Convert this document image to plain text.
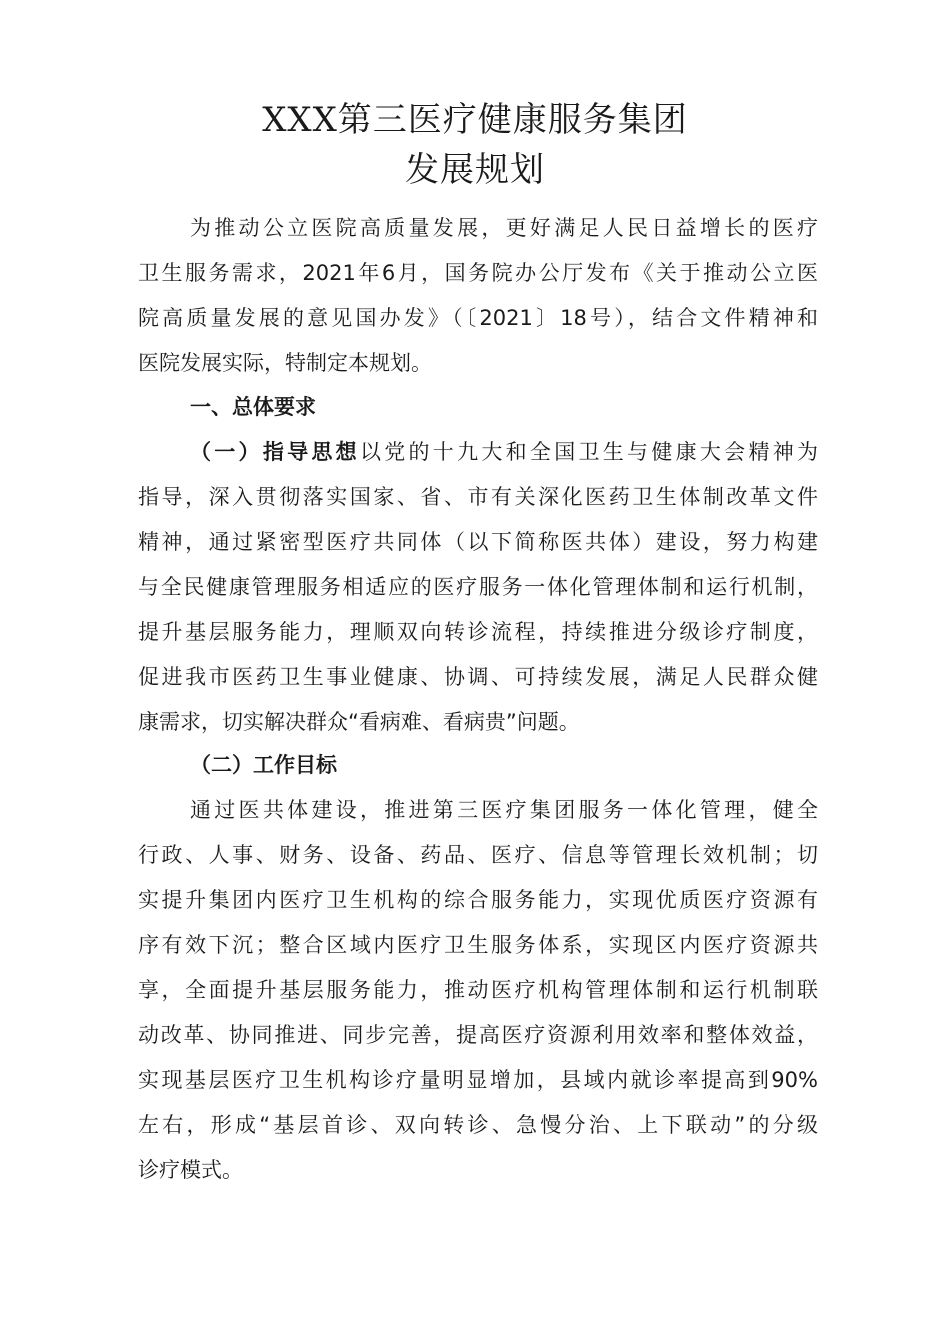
XXX第三医疗健康服务集团
发展规划
为推动公立医院高质量发展，更好满足人民日益增长的医疗
卫生服务需求，2021年6月，国务院办公厅发布《关于推动公立医
院高质量发展的意见国办发》（〔2021〕18号），结合文件精神和
医院发展实际，特制定本规划。
一、总体要求
（一）指导思想以党的十九大和全国卫生与健康大会精神为
指导，深入贯彻落实国家、省、市有关深化医药卫生体制改革文件
精神，通过紧密型医疗共同体（以下简称医共体）建设，努力构建
与全民健康管理服务相适应的医疗服务一体化管理体制和运行机制，
提升基层服务能力，理顺双向转诊流程，持续推进分级诊疗制度，
促进我市医药卫生事业健康、协调、可持续发展，满足人民群众健
康需求，切实解决群众“看病难、看病贵”问题。
（二）工作目标
通过医共体建设，推进第三医疗集团服务一体化管理，健全
行政、人事、财务、设备、药品、医疗、信息等管理长效机制；切
实提升集团内医疗卫生机构的综合服务能力，实现优质医疗资源有
序有效下沉；整合区域内医疗卫生服务体系，实现区内医疗资源共
享，全面提升基层服务能力，推动医疗机构管理体制和运行机制联
动改革、协同推进、同步完善，提高医疗资源利用效率和整体效益，
实现基层医疗卫生机构诊疗量明显增加，县域内就诊率提高到90%
左右，形成“基层首诊、双向转诊、急慢分治、上下联动”的分级
诊疗模式。
